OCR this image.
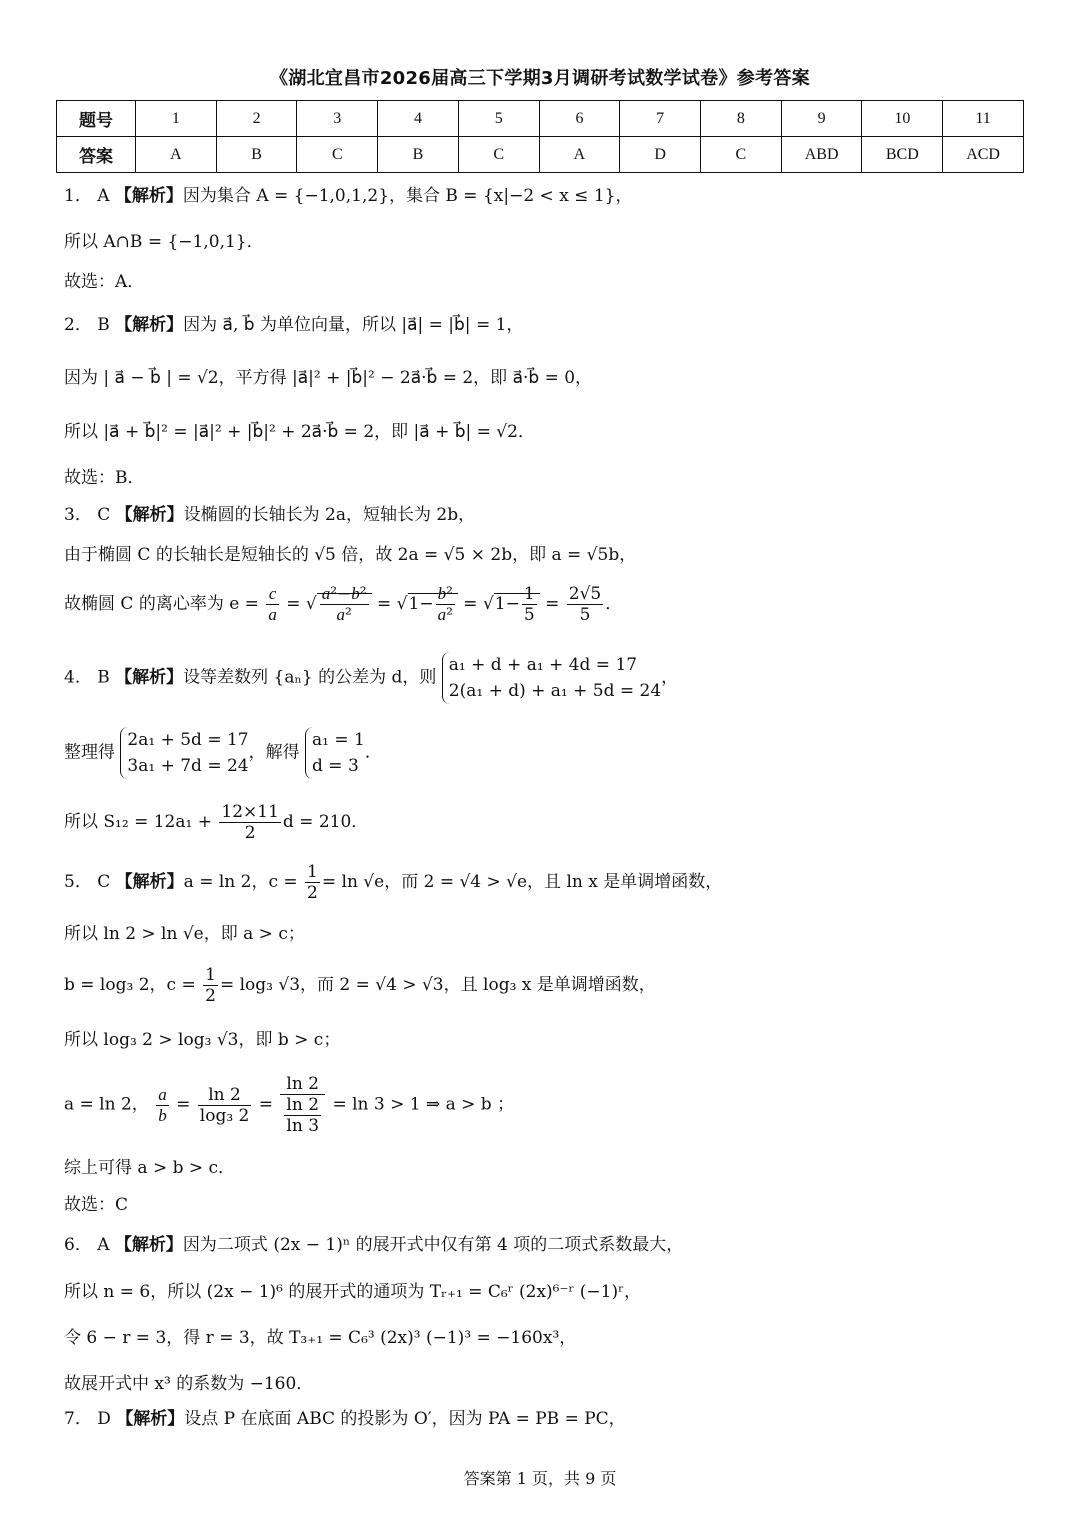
《湖北宜昌市2026届高三下学期3月调研考试数学试卷》参考答案
题号	1	2	3	4	5	6	7	8	9	10	11
答案	A	B	C	B	C	A	D	C	ABD	BCD	ACD
1． A 【解析】因为集合 A = {−1,0,1,2}，集合 B = {x|−2 < x ≤ 1}，
所以 A∩B = {−1,0,1}．
故选：A．
2． B 【解析】因为 a⃗, b⃗ 为单位向量，所以 |a⃗| = |b⃗| = 1，
因为 | a⃗ − b⃗ | = √2，平方得 |a⃗|² + |b⃗|² − 2a⃗·b⃗ = 2，即 a⃗·b⃗ = 0，
所以 |a⃗ + b⃗|² = |a⃗|² + |b⃗|² + 2a⃗·b⃗ = 2，即 |a⃗ + b⃗| = √2．
故选：B．
3． C 【解析】设椭圆的长轴长为 2a，短轴长为 2b，
由于椭圆 C 的长轴长是短轴长的 √5 倍，故 2a = √5 × 2b，即 a = √5b，
故椭圆 C 的离心率为 $e = \frac{c}{a}$ = √ $\frac{\text{a²−b²}}{\text{a²}} = √1- \frac{\text{b²}}{\text{a²}} = √1- \frac{1}{5} = \frac{2√5}{5}$ ．
4． B 【解析】设等差数列 {aₙ} 的公差为 d，则
a₁ + d + a₁ + 4d = 17
2(a₁ + d) + a₁ + 5d = 24
，
整理得
2a₁ + 5d = 17
3a₁ + 7d = 24
，解得
a₁ = 1
d = 3
．
所以 $S_{12} = 12a_1 + \frac{12\times 11}{2}$ d = 210．
5． C 【解析】a = ln 2，$c = \frac{1}{2} = \ln √e$，而 2 = √4 > √e，且 ln x 是单调增函数，
所以 ln 2 > ln √e，即 a > c；
b = log₃ 2，$c = \frac{1}{2} = \log_3$ √3，而 2 = √4 > √3，且 log₃ x 是单调增函数，
所以 log₃ 2 > log₃ √3，即 b > c；
a = ln 2， $\frac{a}{b} = \frac{\ln 2}{\text{log₃ 2}} = \frac{\ln 2}{\frac{\ln 2}{\ln 3}} = \ln 3 > 1$ ⇒ a > b ；
综上可得 a > b > c．
故选：C
6． A 【解析】因为二项式 (2x − 1)ⁿ 的展开式中仅有第 4 项的二项式系数最大，
所以 n = 6，所以 (2x − 1)⁶ 的展开式的通项为 Tᵣ₊₁ = C₆ʳ (2x)⁶⁻ʳ (−1)ʳ，
令 6 − r = 3，得 r = 3，故 T₃₊₁ = C₆³ (2x)³ (−1)³ = −160x³，
故展开式中 x³ 的系数为 −160．
7． D 【解析】设点 P 在底面 ABC 的投影为 O′，因为 PA = PB = PC，
答案第 1 页，共 9 页
